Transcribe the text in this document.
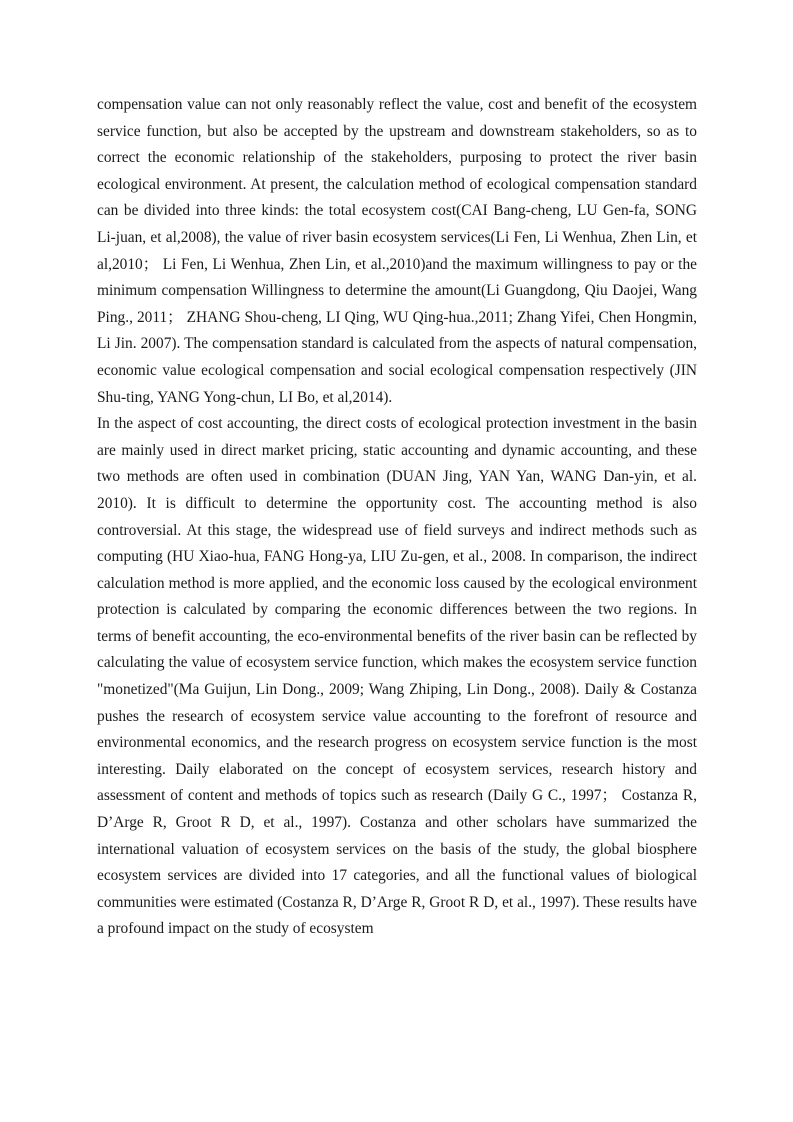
compensation value can not only reasonably reflect the value, cost and benefit of the ecosystem service function, but also be accepted by the upstream and downstream stakeholders, so as to correct the economic relationship of the stakeholders, purposing to protect the river basin ecological environment. At present, the calculation method of ecological compensation standard can be divided into three kinds: the total ecosystem cost(CAI Bang-cheng, LU Gen-fa, SONG Li-juan, et al,2008), the value of river basin ecosystem services(Li Fen, Li Wenhua, Zhen Lin, et al,2010； Li Fen, Li Wenhua, Zhen Lin, et al.,2010)and the maximum willingness to pay or the minimum compensation Willingness to determine the amount(Li Guangdong, Qiu Daojei, Wang Ping., 2011； ZHANG Shou-cheng, LI Qing, WU Qing-hua.,2011; Zhang Yifei, Chen Hongmin, Li Jin. 2007). The compensation standard is calculated from the aspects of natural compensation, economic value ecological compensation and social ecological compensation respectively (JIN Shu-ting, YANG Yong-chun, LI Bo, et al,2014).

In the aspect of cost accounting, the direct costs of ecological protection investment in the basin are mainly used in direct market pricing, static accounting and dynamic accounting, and these two methods are often used in combination (DUAN Jing, YAN Yan, WANG Dan-yin, et al. 2010). It is difficult to determine the opportunity cost. The accounting method is also controversial. At this stage, the widespread use of field surveys and indirect methods such as computing (HU Xiao-hua, FANG Hong-ya, LIU Zu-gen, et al., 2008. In comparison, the indirect calculation method is more applied, and the economic loss caused by the ecological environment protection is calculated by comparing the economic differences between the two regions. In terms of benefit accounting, the eco-environmental benefits of the river basin can be reflected by calculating the value of ecosystem service function, which makes the ecosystem service function "monetized"(Ma Guijun, Lin Dong., 2009; Wang Zhiping, Lin Dong., 2008). Daily & Costanza pushes the research of ecosystem service value accounting to the forefront of resource and environmental economics, and the research progress on ecosystem service function is the most interesting. Daily elaborated on the concept of ecosystem services, research history and assessment of content and methods of topics such as research (Daily G C., 1997； Costanza R, D’Arge R, Groot R D, et al., 1997). Costanza and other scholars have summarized the international valuation of ecosystem services on the basis of the study, the global biosphere ecosystem services are divided into 17 categories, and all the functional values of biological communities were estimated (Costanza R, D’Arge R, Groot R D, et al., 1997). These results have a profound impact on the study of ecosystem
